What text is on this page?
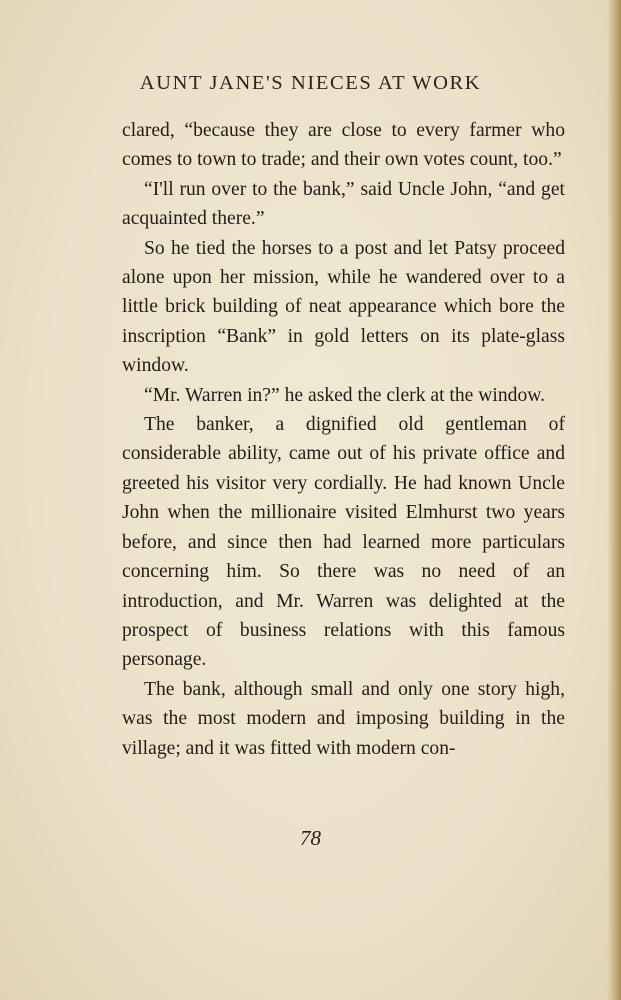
AUNT JANE'S NIECES AT WORK

clared, “because they are close to every farmer who comes to town to trade; and their own votes count, too.”

“I'll run over to the bank,” said Uncle John, “and get acquainted there.”

So he tied the horses to a post and let Patsy proceed alone upon her mission, while he wandered over to a little brick building of neat appearance which bore the inscription “Bank” in gold letters on its plate-glass window.

“Mr. Warren in?” he asked the clerk at the window.

The banker, a dignified old gentleman of considerable ability, came out of his private office and greeted his visitor very cordially. He had known Uncle John when the millionaire visited Elmhurst two years before, and since then had learned more particulars concerning him. So there was no need of an introduction, and Mr. Warren was delighted at the prospect of business relations with this famous personage.

The bank, although small and only one story high, was the most modern and imposing building in the village; and it was fitted with modern con-

78
